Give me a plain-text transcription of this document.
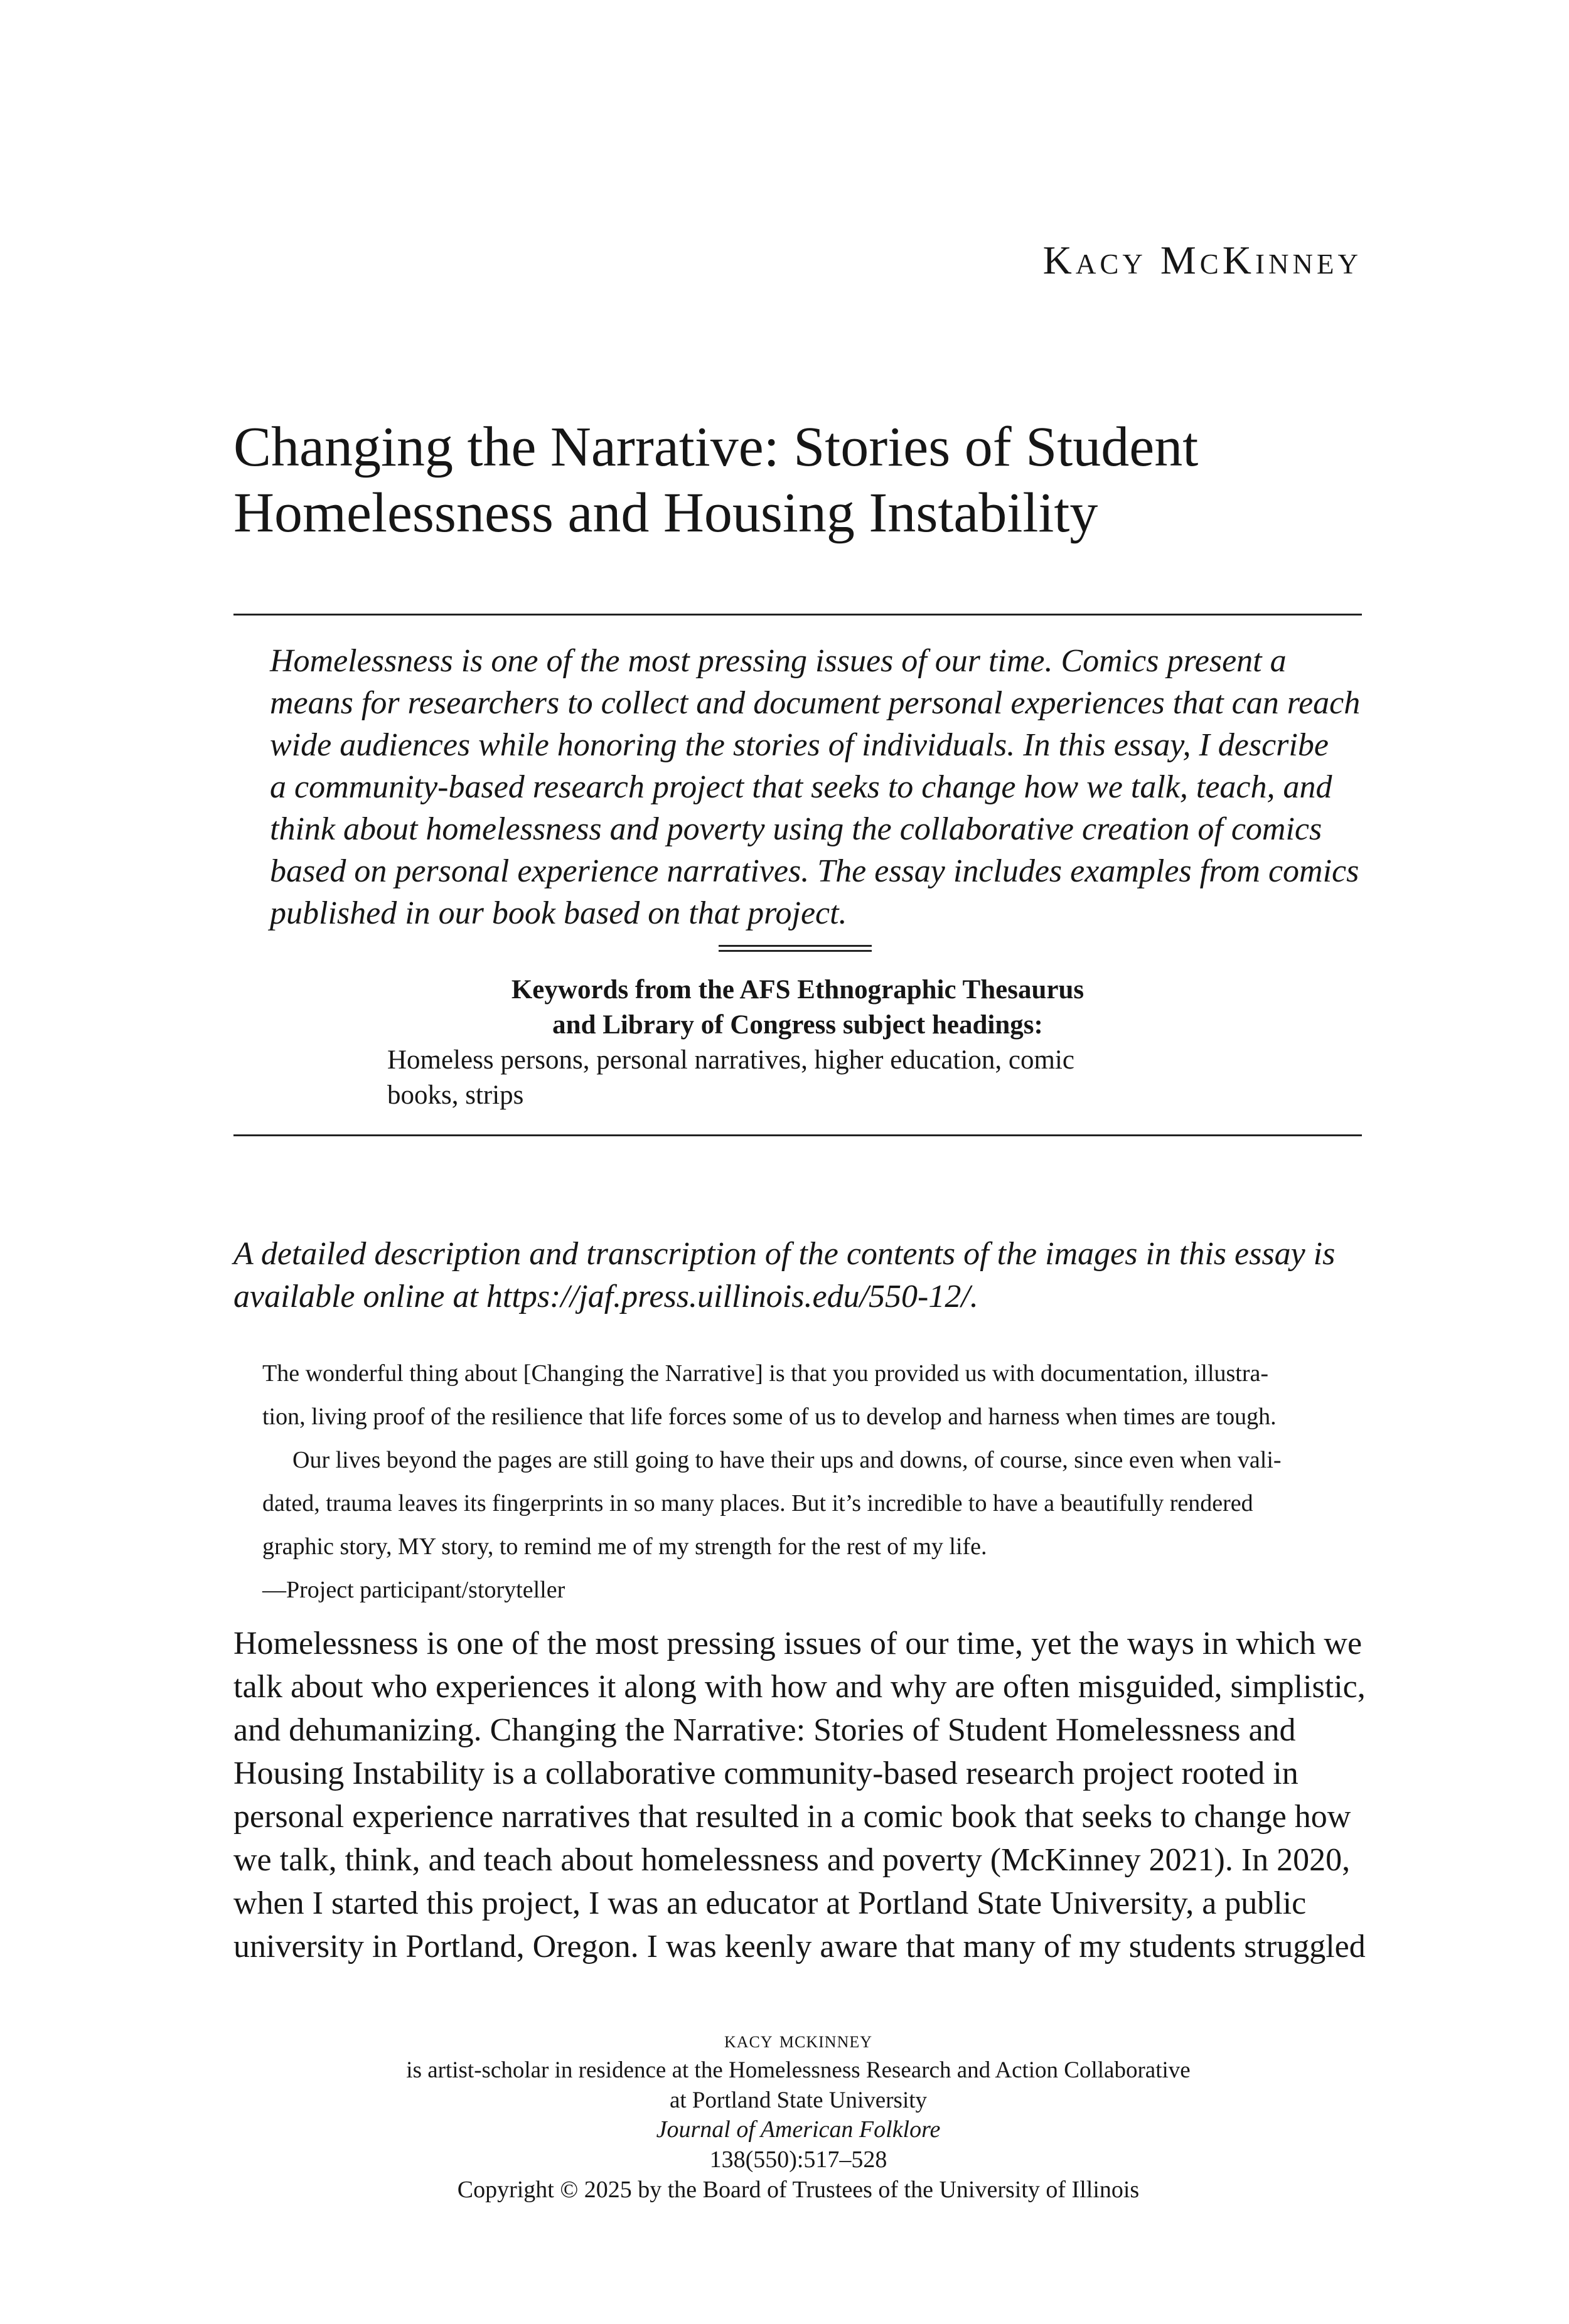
Kacy McKinney
Changing the Narrative: Stories of Student
Homelessness and Housing Instability
Homelessness is one of the most pressing issues of our time. Comics present a
means for researchers to collect and document personal experiences that can reach
wide audiences while honoring the stories of individuals. In this essay, I describe
a community-based research project that seeks to change how we talk, teach, and
think about homelessness and poverty using the collaborative creation of comics
based on personal experience narratives. The essay includes examples from comics
published in our book based on that project.
Keywords from the AFS Ethnographic Thesaurus
and Library of Congress subject headings:
Homeless persons, personal narratives, higher education, comic
books, strips
A detailed description and transcription of the contents of the images in this essay is
available online at https://jaf.press.uillinois.edu/550-12/.
The wonderful thing about [Changing the Narrative] is that you provided us with documentation, illustra-
tion, living proof of the resilience that life forces some of us to develop and harness when times are tough.
Our lives beyond the pages are still going to have their ups and downs, of course, since even when vali-
dated, trauma leaves its fingerprints in so many places. But it’s incredible to have a beautifully rendered
graphic story, MY story, to remind me of my strength for the rest of my life.
—Project participant/storyteller
Homelessness is one of the most pressing issues of our time, yet the ways in which we
talk about who experiences it along with how and why are often misguided, simplistic,
and dehumanizing. Changing the Narrative: Stories of Student Homelessness and
Housing Instability is a collaborative community-based research project rooted in
personal experience narratives that resulted in a comic book that seeks to change how
we talk, think, and teach about homelessness and poverty (McKinney 2021). In 2020,
when I started this project, I was an educator at Portland State University, a public
university in Portland, Oregon. I was keenly aware that many of my students struggled
kacy mckinney
is artist-scholar in residence at the Homelessness Research and Action Collaborative
at Portland State University
Journal of American Folklore
138(550):517–528
Copyright © 2025 by the Board of Trustees of the University of Illinois
